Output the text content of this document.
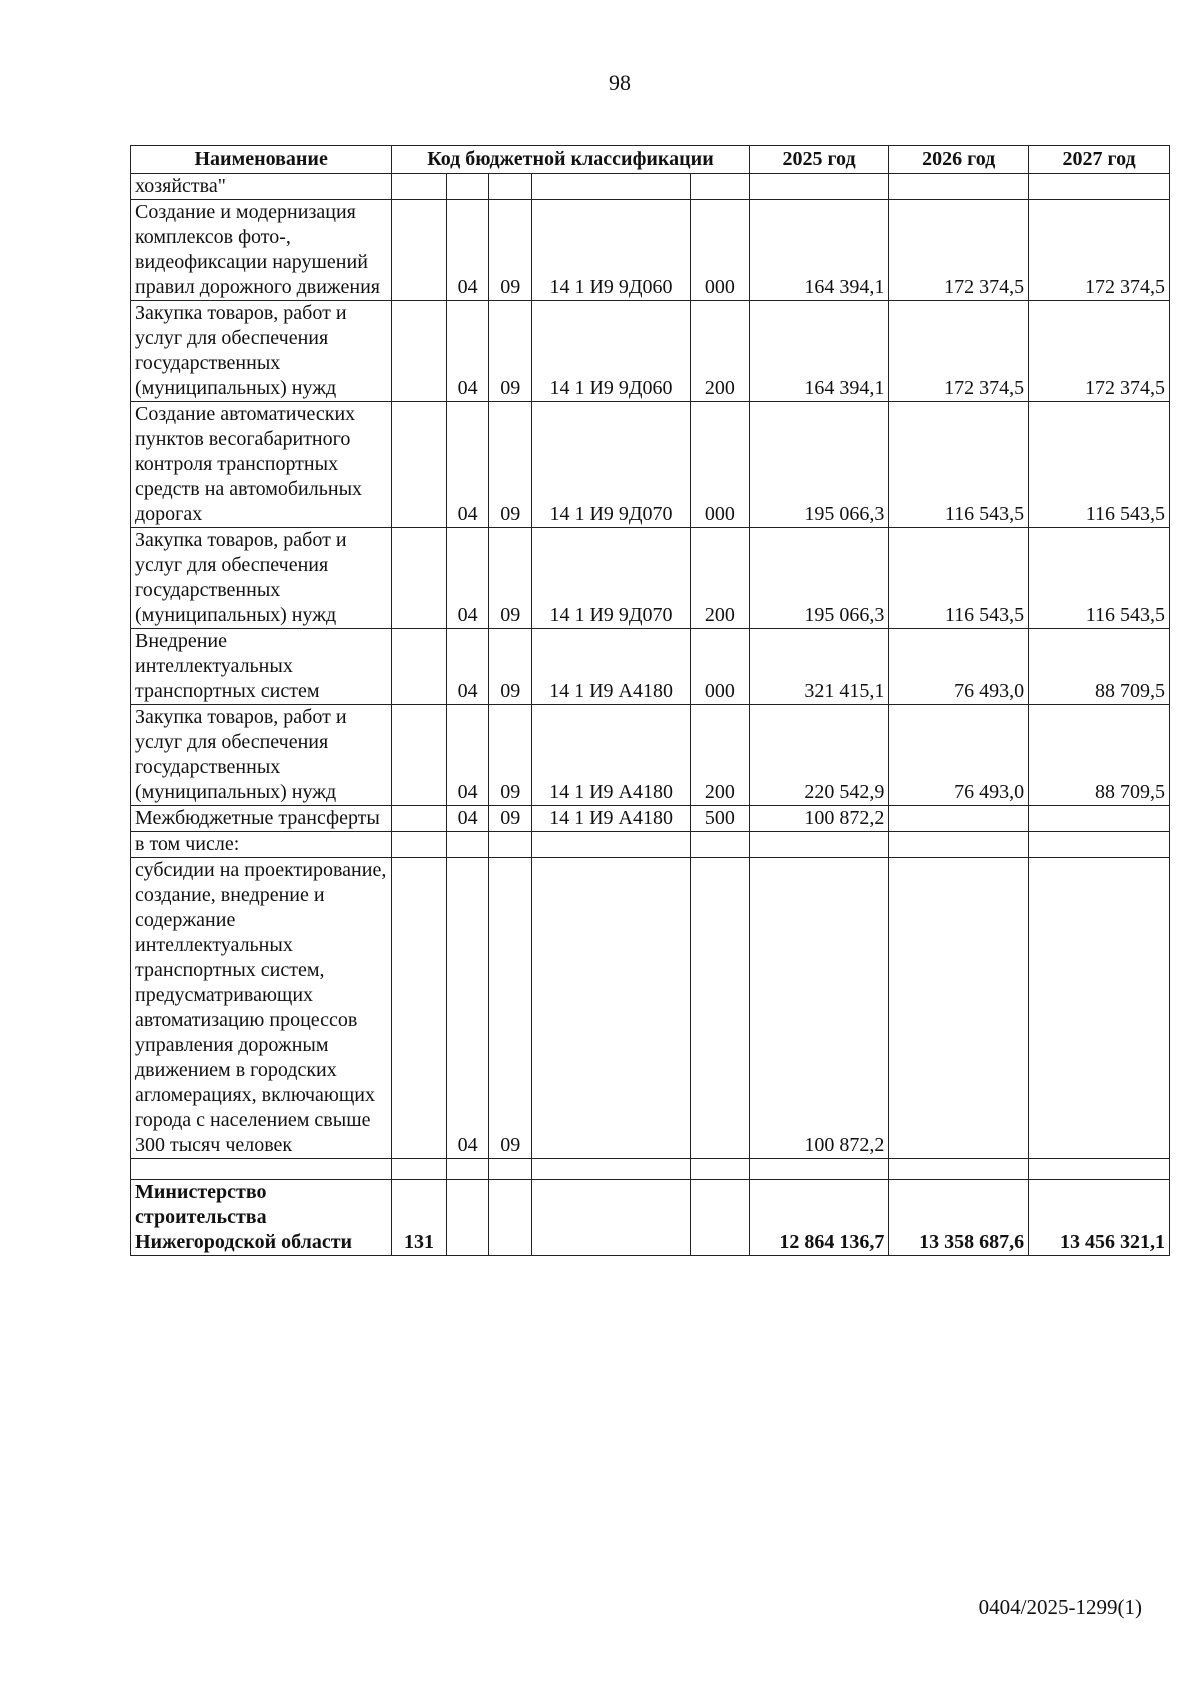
98
Наименование	Код бюджетной классификации					2025 год	2026 год	2027 год
хозяйства"								
Создание и модернизация комплексов фото-, видеофиксации нарушений правил дорожного движения		04	09	14 1 И9 9Д060	000	164 394,1	172 374,5	172 374,5
Закупка товаров, работ и услуг для обеспечения государственных (муниципальных) нужд		04	09	14 1 И9 9Д060	200	164 394,1	172 374,5	172 374,5
Создание автоматических пунктов весогабаритного контроля транспортных средств на автомобильных дорогах		04	09	14 1 И9 9Д070	000	195 066,3	116 543,5	116 543,5
Закупка товаров, работ и услуг для обеспечения государственных (муниципальных) нужд		04	09	14 1 И9 9Д070	200	195 066,3	116 543,5	116 543,5
Внедрение интеллектуальных транспортных систем		04	09	14 1 И9 А4180	000	321 415,1	76 493,0	88 709,5
Закупка товаров, работ и услуг для обеспечения государственных (муниципальных) нужд		04	09	14 1 И9 А4180	200	220 542,9	76 493,0	88 709,5
Межбюджетные трансферты		04	09	14 1 И9 А4180	500	100 872,2		
в том числе:								
субсидии на проектирование, создание, внедрение и содержание интеллектуальных транспортных систем, предусматривающих автоматизацию процессов управления дорожным движением в городских агломерациях, включающих города с населением свыше 300 тысяч человек		04	09			100 872,2		

Министерство строительства Нижегородской области	131					12 864 136,7	13 358 687,6	13 456 321,1
0404/2025-1299(1)
